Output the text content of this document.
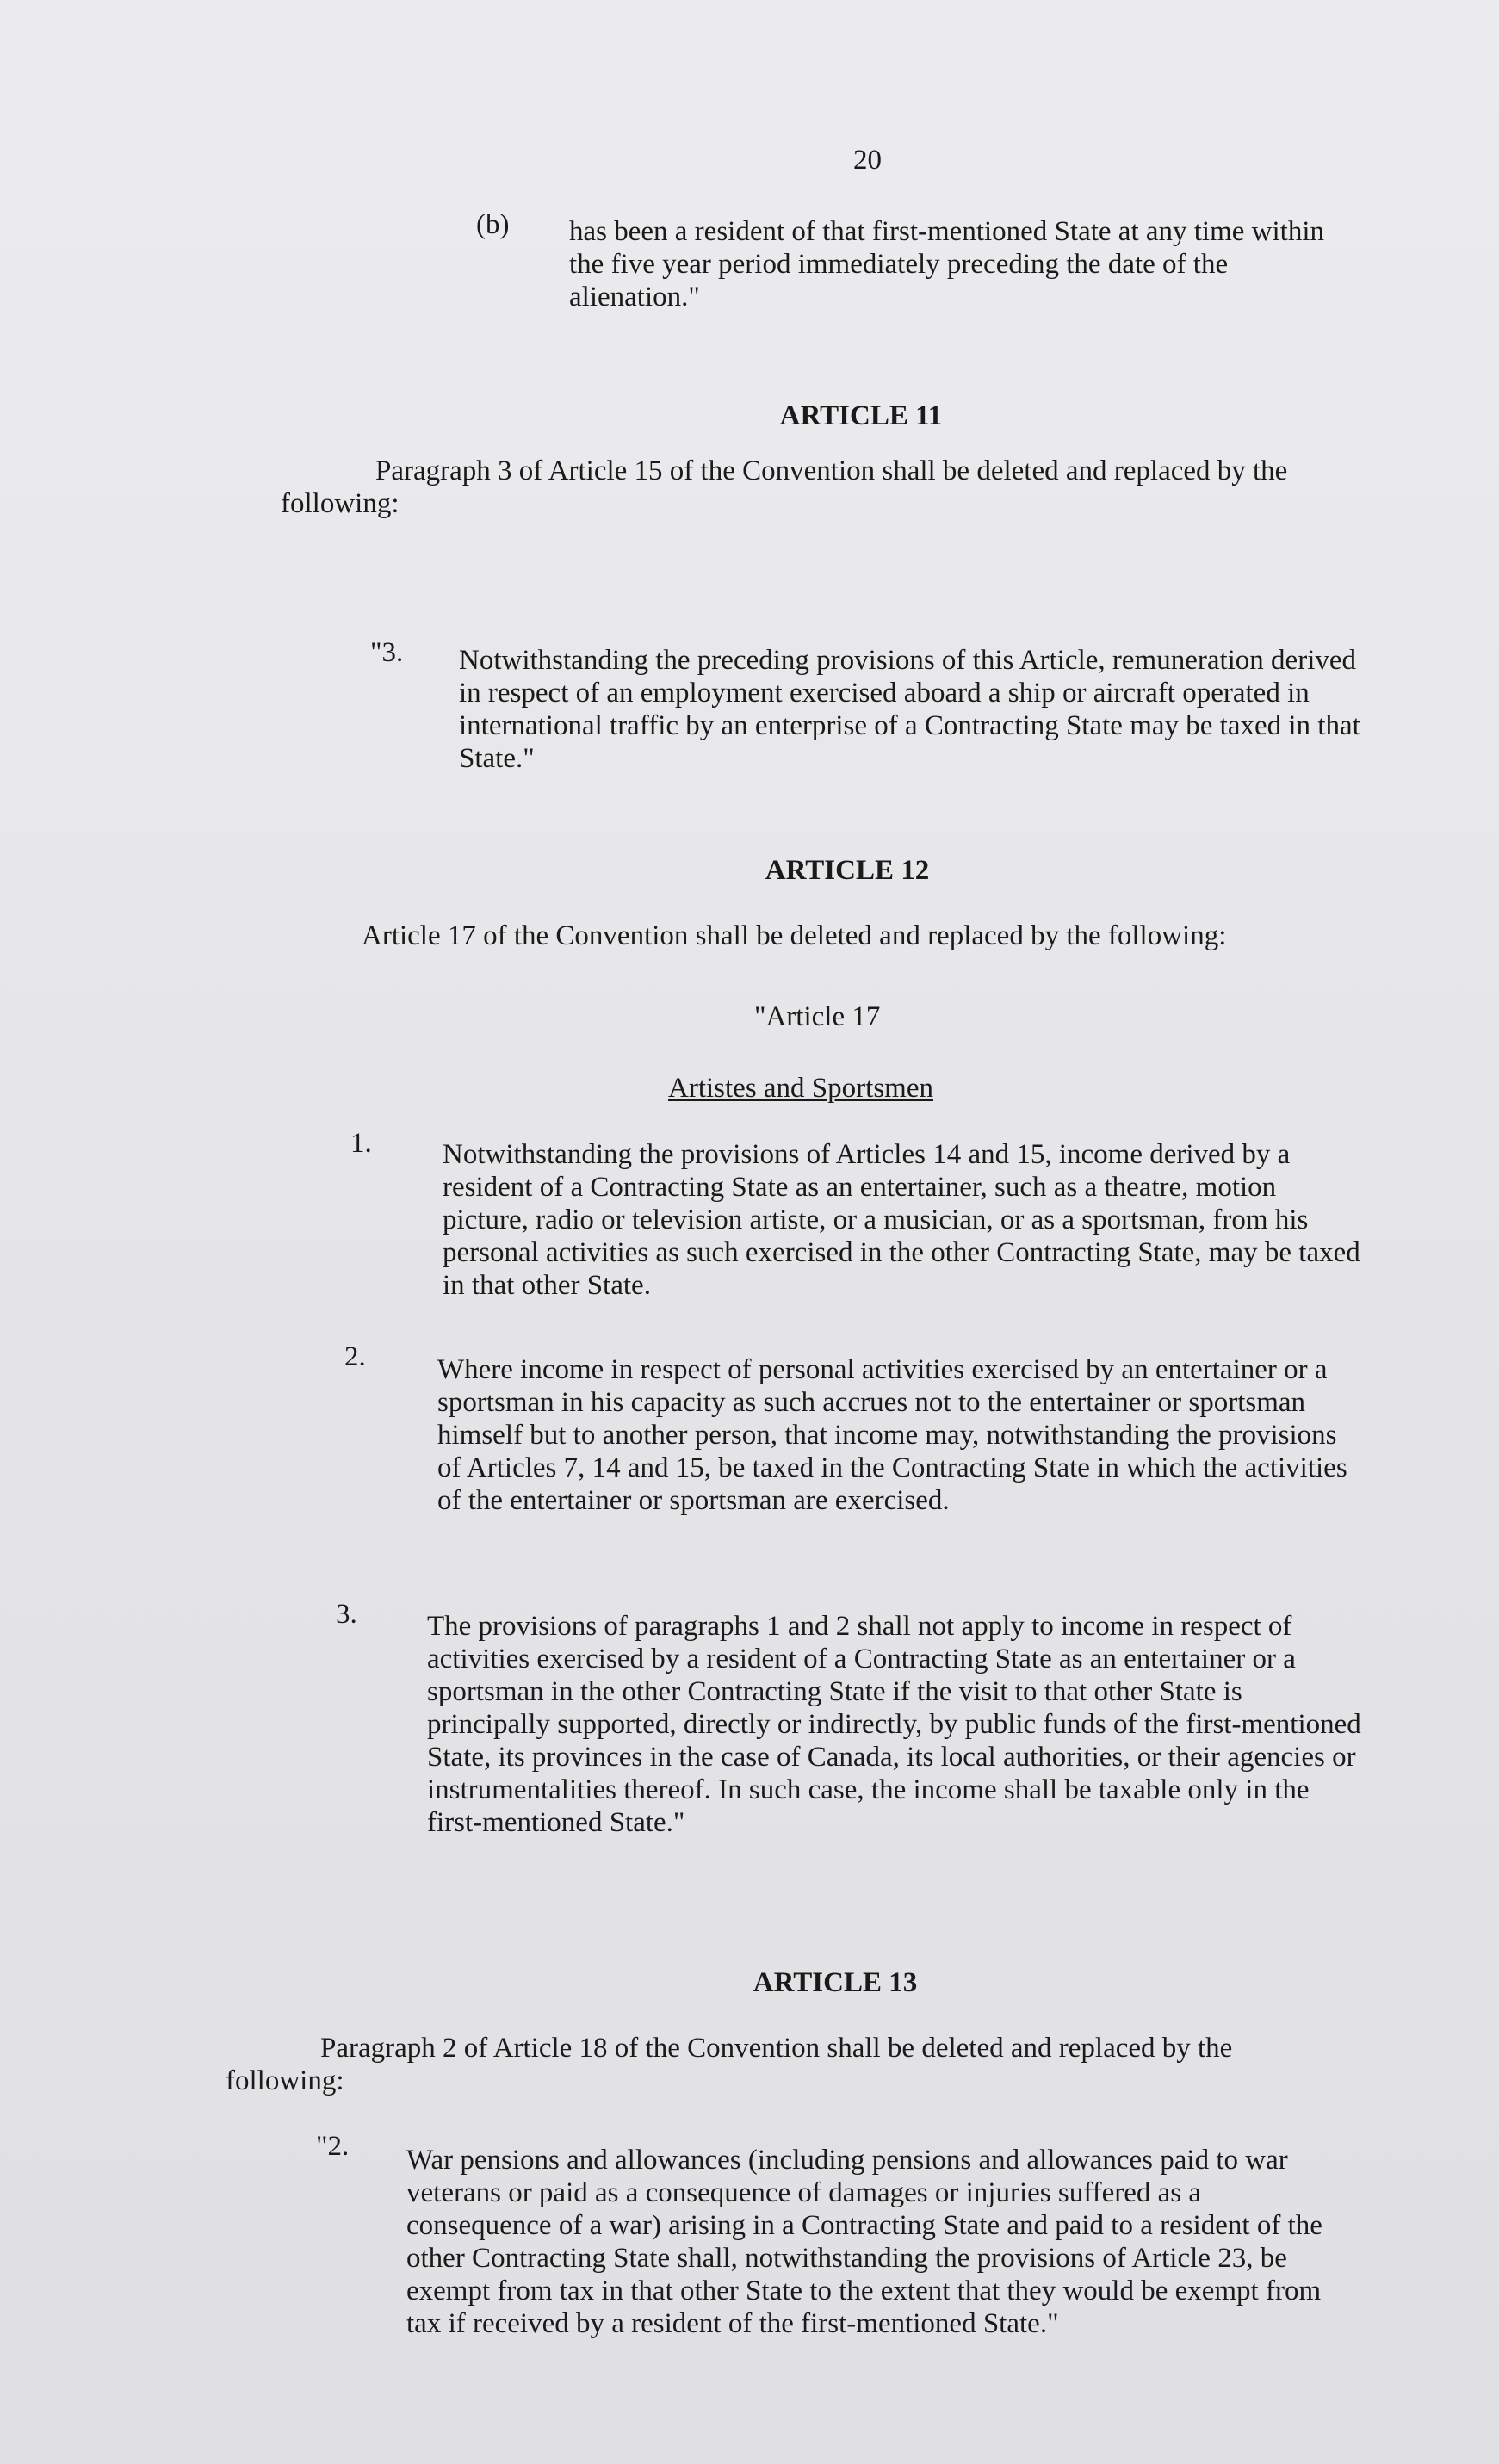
20
(b) has been a resident of that first-mentioned State at any time within the five year period immediately preceding the date of the alienation."
ARTICLE 11
Paragraph 3 of Article 15 of the Convention shall be deleted and replaced by the following:
"3. Notwithstanding the preceding provisions of this Article, remuneration derived in respect of an employment exercised aboard a ship or aircraft operated in international traffic by an enterprise of a Contracting State may be taxed in that State."
ARTICLE 12
Article 17 of the Convention shall be deleted and replaced by the following:
"Article 17
Artistes and Sportsmen
1. Notwithstanding the provisions of Articles 14 and 15, income derived by a resident of a Contracting State as an entertainer, such as a theatre, motion picture, radio or television artiste, or a musician, or as a sportsman, from his personal activities as such exercised in the other Contracting State, may be taxed in that other State.
2.	Where income in respect of personal activities exercised by an entertainer or a sportsman in his capacity as such accrues not to the entertainer or sportsman himself but to another person, that income may, notwithstanding the provisions of Articles 7, 14 and 15, be taxed in the Contracting State in which the activities of the entertainer or sportsman are exercised.
3. The provisions of paragraphs 1 and 2 shall not apply to income in respect of activities exercised by a resident of a Contracting State as an entertainer or a sportsman in the other Contracting State if the visit to that other State is principally supported, directly or indirectly, by public funds of the first-mentioned State, its provinces in the case of Canada, its local authorities, or their agencies or instrumentalities thereof. In such case, the income shall be taxable only in the first-mentioned State."
ARTICLE 13
Paragraph 2 of Article 18 of the Convention shall be deleted and replaced by the following:
"2. War pensions and allowances (including pensions and allowances paid to war veterans or paid as a consequence of damages or injuries suffered as a consequence of a war) arising in a Contracting State and paid to a resident of the other Contracting State shall, notwithstanding the provisions of Article 23, be exempt from tax in that other State to the extent that they would be exempt from tax if received by a resident of the first-mentioned State."
